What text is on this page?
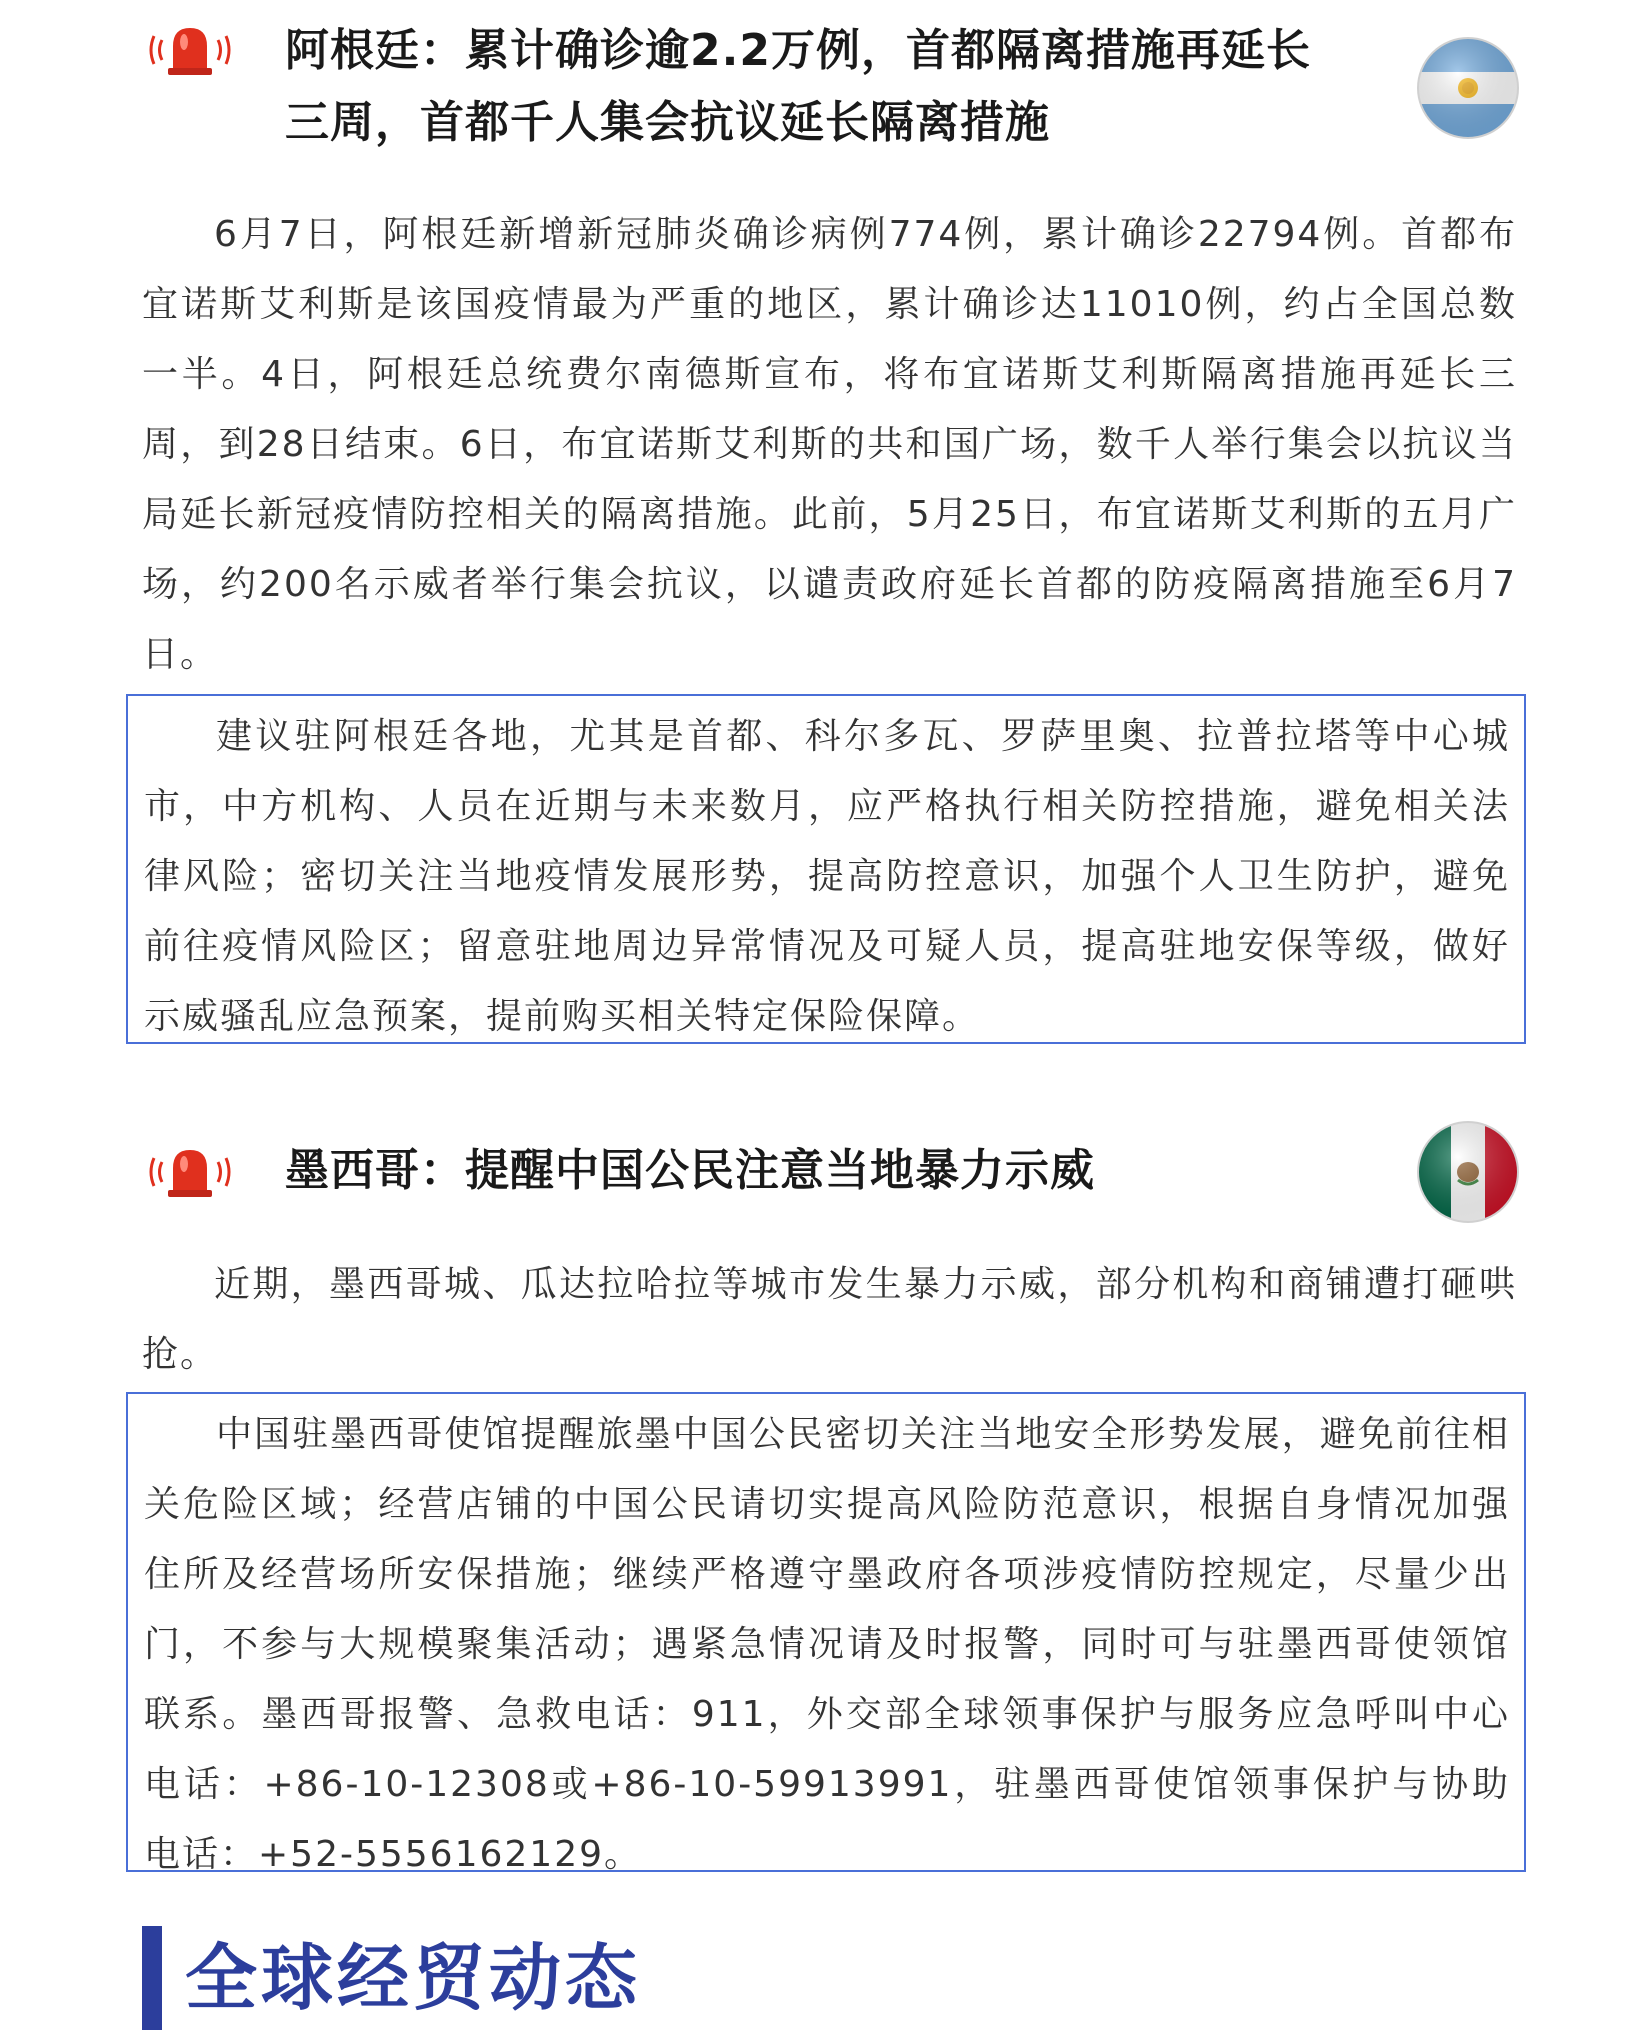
阿根廷：累计确诊逾2.2万例，首都隔离措施再延长

三周，首都千人集会抗议延长隔离措施

6月7日，阿根廷新增新冠肺炎确诊病例774例，累计确诊22794例。首都布宜诺斯艾利斯是该国疫情最为严重的地区，累计确诊达11010例，约占全国总数一半。4日，阿根廷总统费尔南德斯宣布，将布宜诺斯艾利斯隔离措施再延长三周，到28日结束。6日，布宜诺斯艾利斯的共和国广场，数千人举行集会以抗议当局延长新冠疫情防控相关的隔离措施。此前，5月25日，布宜诺斯艾利斯的五月广场，约200名示威者举行集会抗议，以谴责政府延长首都的防疫隔离措施至6月7日。

建议驻阿根廷各地，尤其是首都、科尔多瓦、罗萨里奥、拉普拉塔等中心城市，中方机构、人员在近期与未来数月，应严格执行相关防控措施，避免相关法律风险；密切关注当地疫情发展形势，提高防控意识，加强个人卫生防护，避免前往疫情风险区；留意驻地周边异常情况及可疑人员，提高驻地安保等级，做好示威骚乱应急预案，提前购买相关特定保险保障。

墨西哥：提醒中国公民注意当地暴力示威

近期，墨西哥城、瓜达拉哈拉等城市发生暴力示威，部分机构和商铺遭打砸哄抢。

中国驻墨西哥使馆提醒旅墨中国公民密切关注当地安全形势发展，避免前往相关危险区域；经营店铺的中国公民请切实提高风险防范意识，根据自身情况加强住所及经营场所安保措施；继续严格遵守墨政府各项涉疫情防控规定，尽量少出门，不参与大规模聚集活动；遇紧急情况请及时报警，同时可与驻墨西哥使领馆联系。墨西哥报警、急救电话：911，外交部全球领事保护与服务应急呼叫中心电话：+86-10-12308或+86-10-59913991，驻墨西哥使馆领事保护与协助电话：+52-5556162129。

全球经贸动态
